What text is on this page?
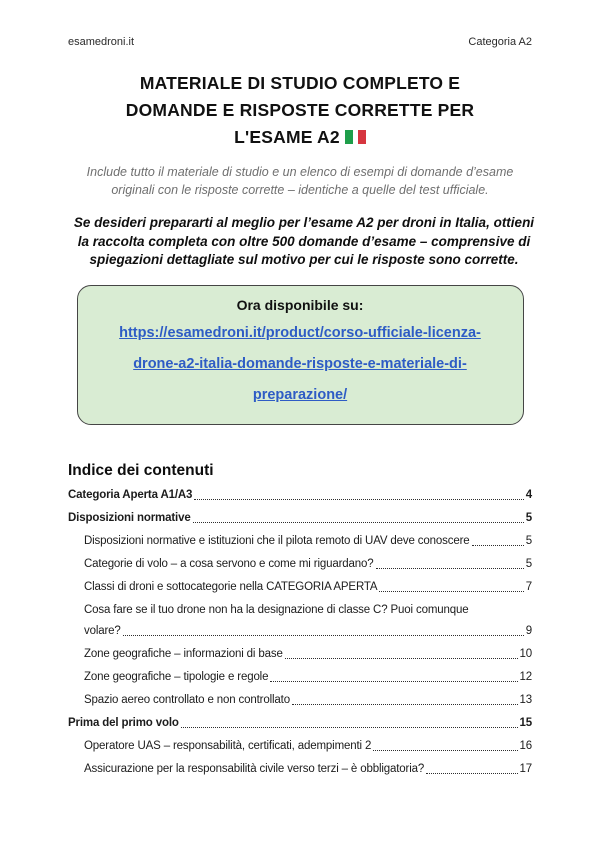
esamedroni.it	Categoria A2
MATERIALE DI STUDIO COMPLETO E
DOMANDE E RISPOSTE CORRETTE PER
L'ESAME A2

Include tutto il materiale di studio e un elenco di esempi di domande d’esame originali con le risposte corrette – identiche a quelle del test ufficiale.

Se desideri prepararti al meglio per l’esame A2 per droni in Italia, ottieni la raccolta completa con oltre 500 domande d’esame – comprensive di spiegazioni dettagliate sul motivo per cui le risposte sono corrette.

Ora disponibile su:
https://esamedroni.it/product/corso-ufficiale-licenza-drone-a2-italia-domande-risposte-e-materiale-di-preparazione/
Indice dei contenuti
Categoria Aperta A1/A3	4
Disposizioni normative	5
Disposizioni normative e istituzioni che il pilota remoto di UAV deve conoscere	5
Categorie di volo – a cosa servono e come mi riguardano?	5
Classi di droni e sottocategorie nella CATEGORIA APERTA	7
Cosa fare se il tuo drone non ha la designazione di classe C? Puoi comunque
volare?	9
Zone geografiche – informazioni di base	10
Zone geografiche – tipologie e regole	12
Spazio aereo controllato e non controllato	13
Prima del primo volo	15
Operatore UAS – responsabilità, certificati, adempimenti 2	16
Assicurazione per la responsabilità civile verso terzi – è obbligatoria?	17
